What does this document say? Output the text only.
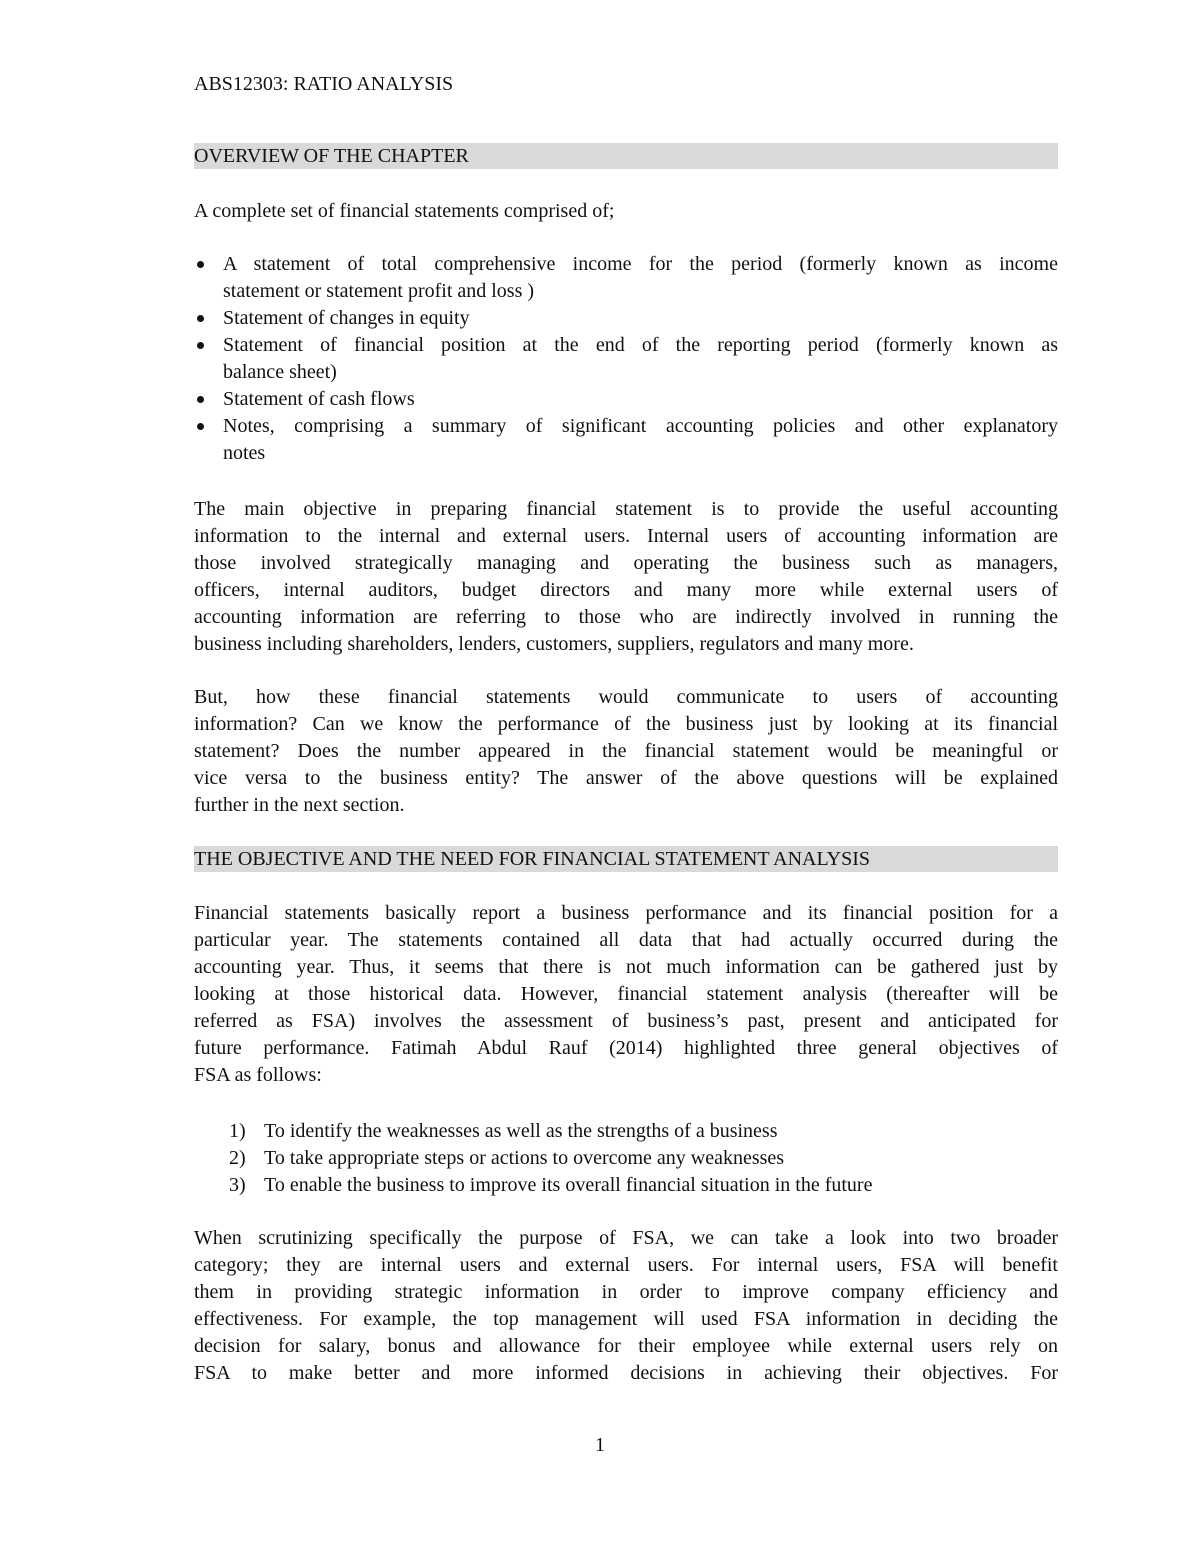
ABS12303: RATIO ANALYSIS
OVERVIEW OF THE CHAPTER
A complete set of financial statements comprised of;
A statement of total comprehensive income for the period (formerly known as income
statement or statement profit and loss )
Statement of changes in equity
Statement of financial position at the end of the reporting period (formerly known as
balance sheet)
Statement of cash flows
Notes, comprising a summary of significant accounting policies and other explanatory
notes
The main objective in preparing financial statement is to provide the useful accounting
information to the internal and external users. Internal users of accounting information are
those involved strategically managing and operating the business such as managers,
officers, internal auditors, budget directors and many more while external users of
accounting information are referring to those who are indirectly involved in running the
business including shareholders, lenders, customers, suppliers, regulators and many more.
But, how these financial statements would communicate to users of accounting
information? Can we know the performance of the business just by looking at its financial
statement? Does the number appeared in the financial statement would be meaningful or
vice versa to the business entity? The answer of the above questions will be explained
further in the next section.
THE OBJECTIVE AND THE NEED FOR FINANCIAL STATEMENT ANALYSIS
Financial statements basically report a business performance and its financial position for a
particular year. The statements contained all data that had actually occurred during the
accounting year. Thus, it seems that there is not much information can be gathered just by
looking at those historical data. However, financial statement analysis (thereafter will be
referred as FSA) involves the assessment of business’s past, present and anticipated for
future performance. Fatimah Abdul Rauf (2014) highlighted three general objectives of
FSA as follows:
1) To identify the weaknesses as well as the strengths of a business
2) To take appropriate steps or actions to overcome any weaknesses
3) To enable the business to improve its overall financial situation in the future
When scrutinizing specifically the purpose of FSA, we can take a look into two broader
category; they are internal users and external users. For internal users, FSA will benefit
them in providing strategic information in order to improve company efficiency and
effectiveness. For example, the top management will used FSA information in deciding the
decision for salary, bonus and allowance for their employee while external users rely on
FSA to make better and more informed decisions in achieving their objectives. For
1
